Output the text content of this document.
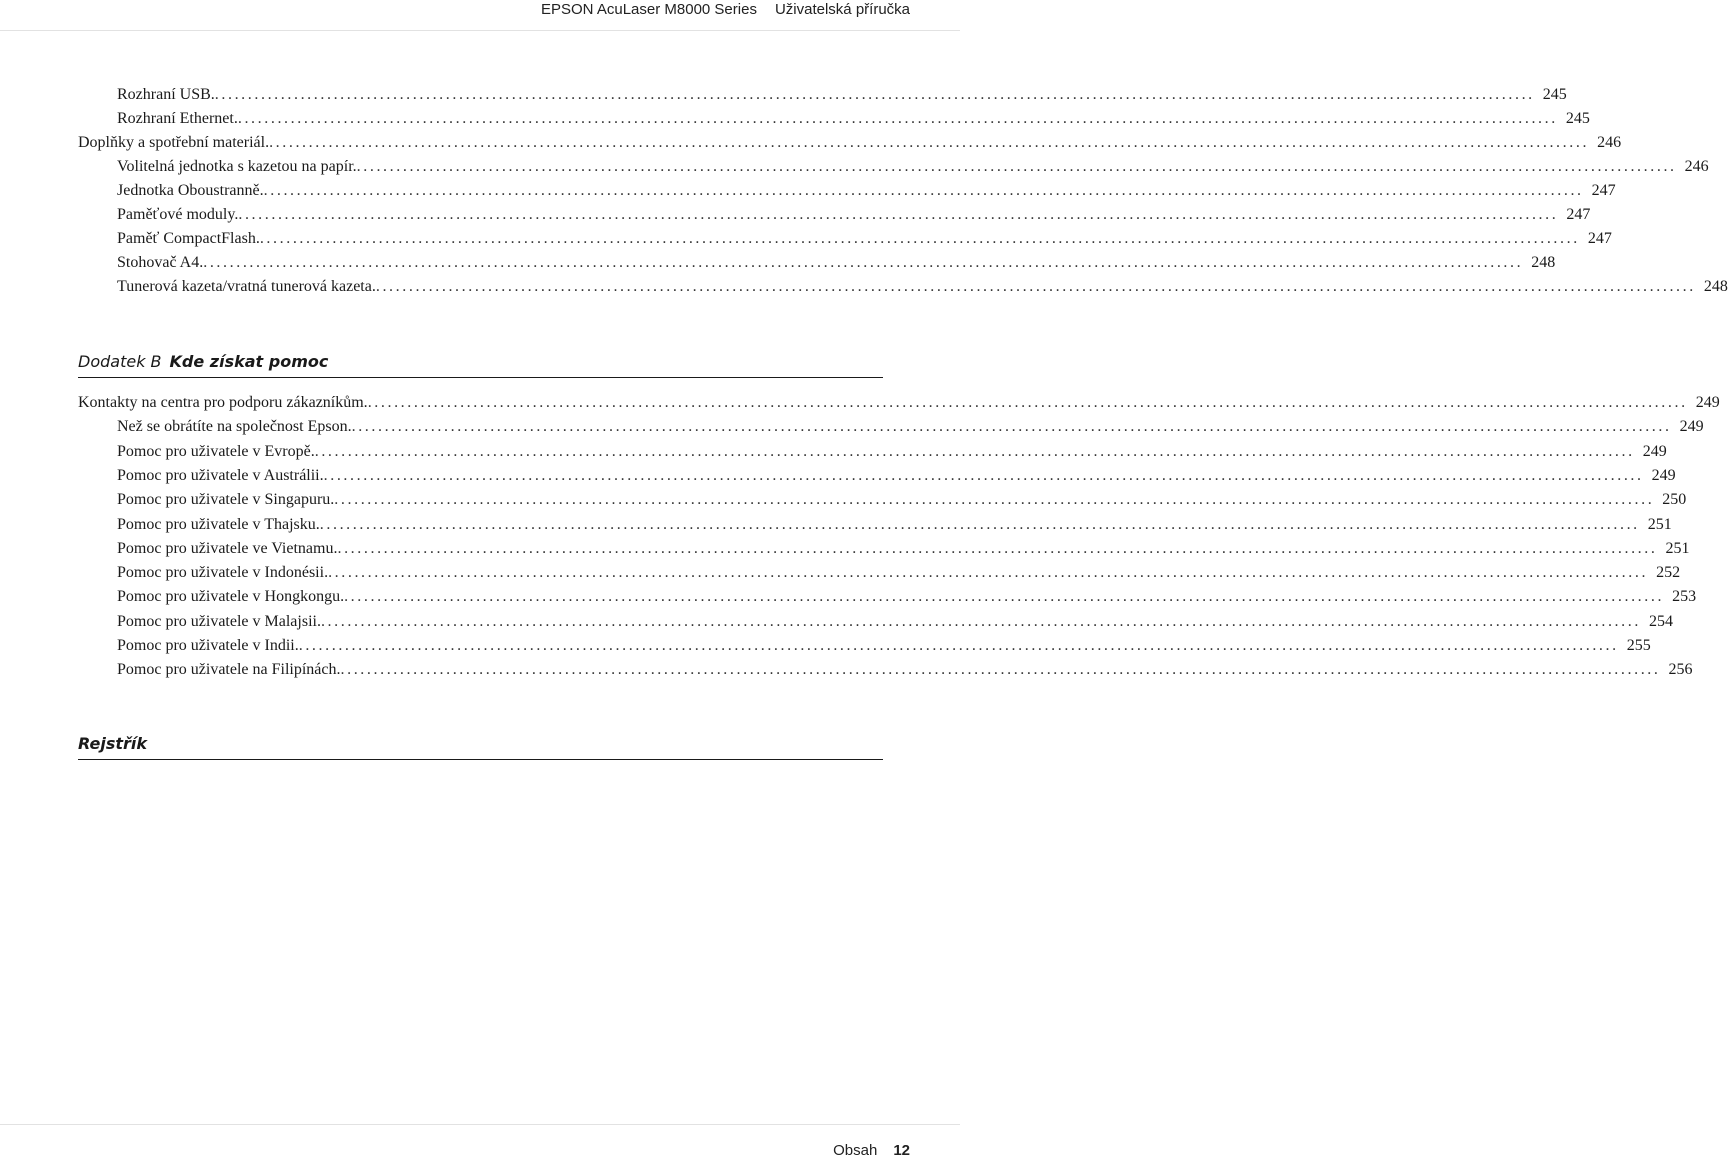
EPSON AcuLaser M8000 Series Uživatelská příručka
Rozhraní USB. ........................................................................................................................................................................................................ 245
Rozhraní Ethernet. ........................................................................................................................................................................................................ 245
Doplňky a spotřební materiál. ........................................................................................................................................................................................................ 246
Volitelná jednotka s kazetou na papír. ........................................................................................................................................................................................................ 246
Jednotka Oboustranně. ........................................................................................................................................................................................................ 247
Paměťové moduly. ........................................................................................................................................................................................................ 247
Paměť CompactFlash. ........................................................................................................................................................................................................ 247
Stohovač A4. ........................................................................................................................................................................................................ 248
Tunerová kazeta/vratná tunerová kazeta. ........................................................................................................................................................................................................ 248
Dodatek B Kde získat pomoc
Kontakty na centra pro podporu zákazníkům. ........................................................................................................................................................................................................ 249
Než se obrátíte na společnost Epson. ........................................................................................................................................................................................................ 249
Pomoc pro uživatele v Evropě. ........................................................................................................................................................................................................ 249
Pomoc pro uživatele v Austrálii. ........................................................................................................................................................................................................ 249
Pomoc pro uživatele v Singapuru. ........................................................................................................................................................................................................ 250
Pomoc pro uživatele v Thajsku. ........................................................................................................................................................................................................ 251
Pomoc pro uživatele ve Vietnamu. ........................................................................................................................................................................................................ 251
Pomoc pro uživatele v Indonésii. ........................................................................................................................................................................................................ 252
Pomoc pro uživatele v Hongkongu. ........................................................................................................................................................................................................ 253
Pomoc pro uživatele v Malajsii. ........................................................................................................................................................................................................ 254
Pomoc pro uživatele v Indii. ........................................................................................................................................................................................................ 255
Pomoc pro uživatele na Filipínách. ........................................................................................................................................................................................................ 256
Rejstřík
Obsah 12
